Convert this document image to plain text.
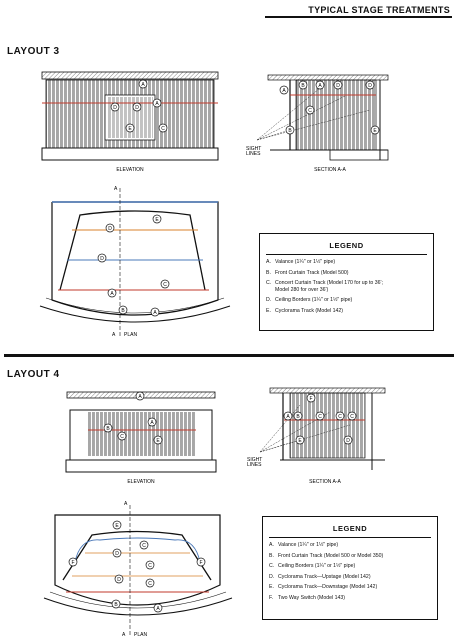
TYPICAL STAGE TREATMENTS
LAYOUT 3
LAYOUT 4
A
A
D	D
E	C
A
B	A	D	D
C
E
B
E
D
D
C
A
B	A
A
A
B
C
E
F
A B	C	C C
E	D
E
C
D
F	F
C
D
C
B
A
ELEVATION	SECTION A-A
SIGHT
LINES
A
A PLAN
ELEVATION	SECTION A-A
SIGHT
LINES
A
A PLAN
LEGEND
A. Valance (1¼" or 1½" pipe)
B. Front Curtain Track (Model 500)
C. Concert Curtain Track (Model 170 for up to 36';
Model 280 for over 36')
D. Ceiling Borders (1¼" or 1½" pipe)
E. Cyclorama Track (Model 142)
LEGEND
A. Valance (1¼" or 1½" pipe)
B. Front Curtain Track (Model 500 or Model 350)
C. Ceiling Borders (1¼" or 1½" pipe)
D. Cyclorama Track—Upstage (Model 142)
E. Cyclorama Track—Downstage (Model 142)
F. Two Way Switch (Model 143)
